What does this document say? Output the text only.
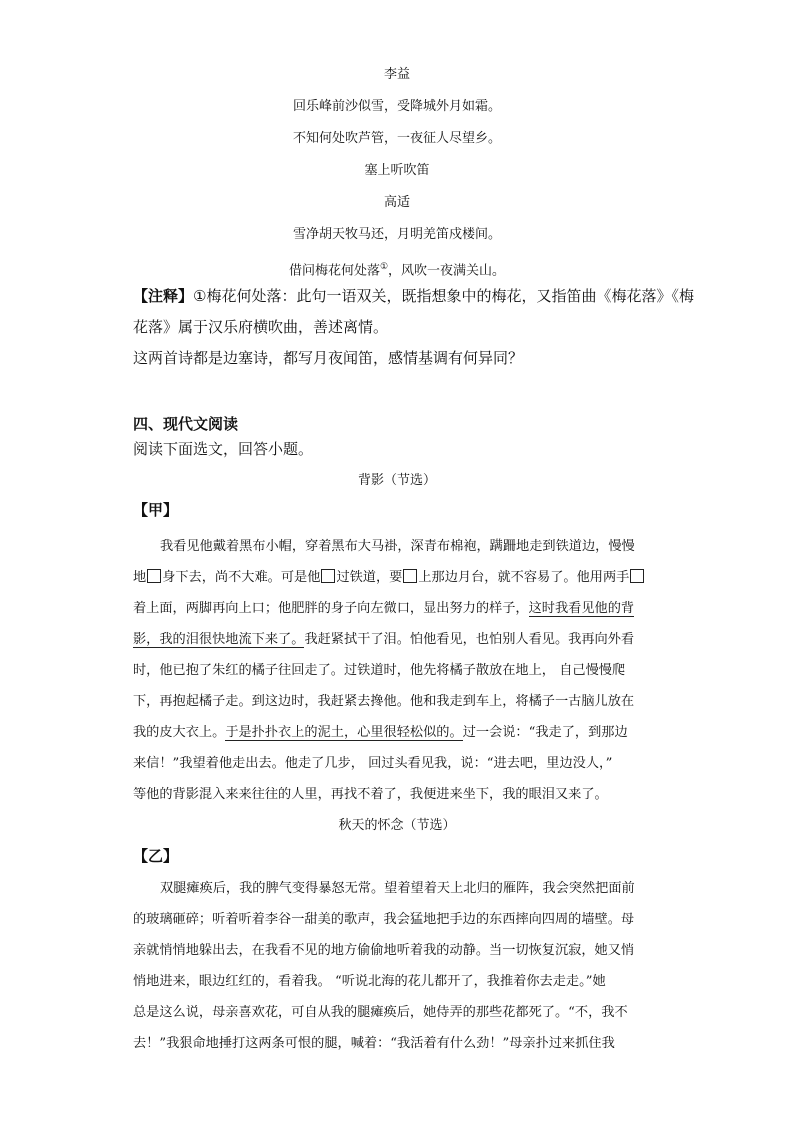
李益
回乐峰前沙似雪，受降城外月如霜。
不知何处吹芦管，一夜征人尽望乡。
塞上听吹笛
高适
雪净胡天牧马还，月明羌笛戍楼间。
借问梅花何处落①，风吹一夜满关山。
【注释】①梅花何处落：此句一语双关，既指想象中的梅花，又指笛曲《梅花落》《梅
花落》属于汉乐府横吹曲，善述离情。
这两首诗都是边塞诗，都写月夜闻笛，感情基调有何异同？
四、现代文阅读
阅读下面选文，回答小题。
背影（节选）
【甲】
我看见他戴着黑布小帽，穿着黑布大马褂，深青布棉袍，蹒跚地走到铁道边，慢慢
地 身下去，尚不大难。可是他 过铁道，要 上那边月台，就不容易了。他用两手
着上面，两脚再向上口；他肥胖的身子向左微口，显出努力的样子，这时我看见他的背
影，我的泪很快地流下来了。我赶紧拭干了泪。怕他看见，也怕别人看见。我再向外看
时，他已抱了朱红的橘子往回走了。过铁道时，他先将橘子散放在地上， 自己慢慢爬
下，再抱起橘子走。到这边时，我赶紧去搀他。他和我走到车上，将橘子一古脑儿放在
我的皮大衣上。于是扑扑衣上的泥土，心里很轻松似的。过一会说：“我走了，到那边
来信！”我望着他走出去。他走了几步， 回过头看见我，说：“进去吧，里边没人，”
等他的背影混入来来往往的人里，再找不着了，我便进来坐下，我的眼泪又来了。
秋天的怀念（节选）
【乙】
双腿瘫痪后，我的脾气变得暴怒无常。望着望着天上北归的雁阵，我会突然把面前
的玻璃砸碎；听着听着李谷一甜美的歌声，我会猛地把手边的东西摔向四周的墙壁。母
亲就悄悄地躲出去，在我看不见的地方偷偷地听着我的动静。当一切恢复沉寂，她又悄
悄地进来，眼边红红的，看着我。 “听说北海的花儿都开了，我推着你去走走。”她
总是这么说，母亲喜欢花，可自从我的腿瘫痪后，她侍弄的那些花都死了。“不，我不
去！”我狠命地捶打这两条可恨的腿，喊着：“我活着有什么劲！”母亲扑过来抓住我
